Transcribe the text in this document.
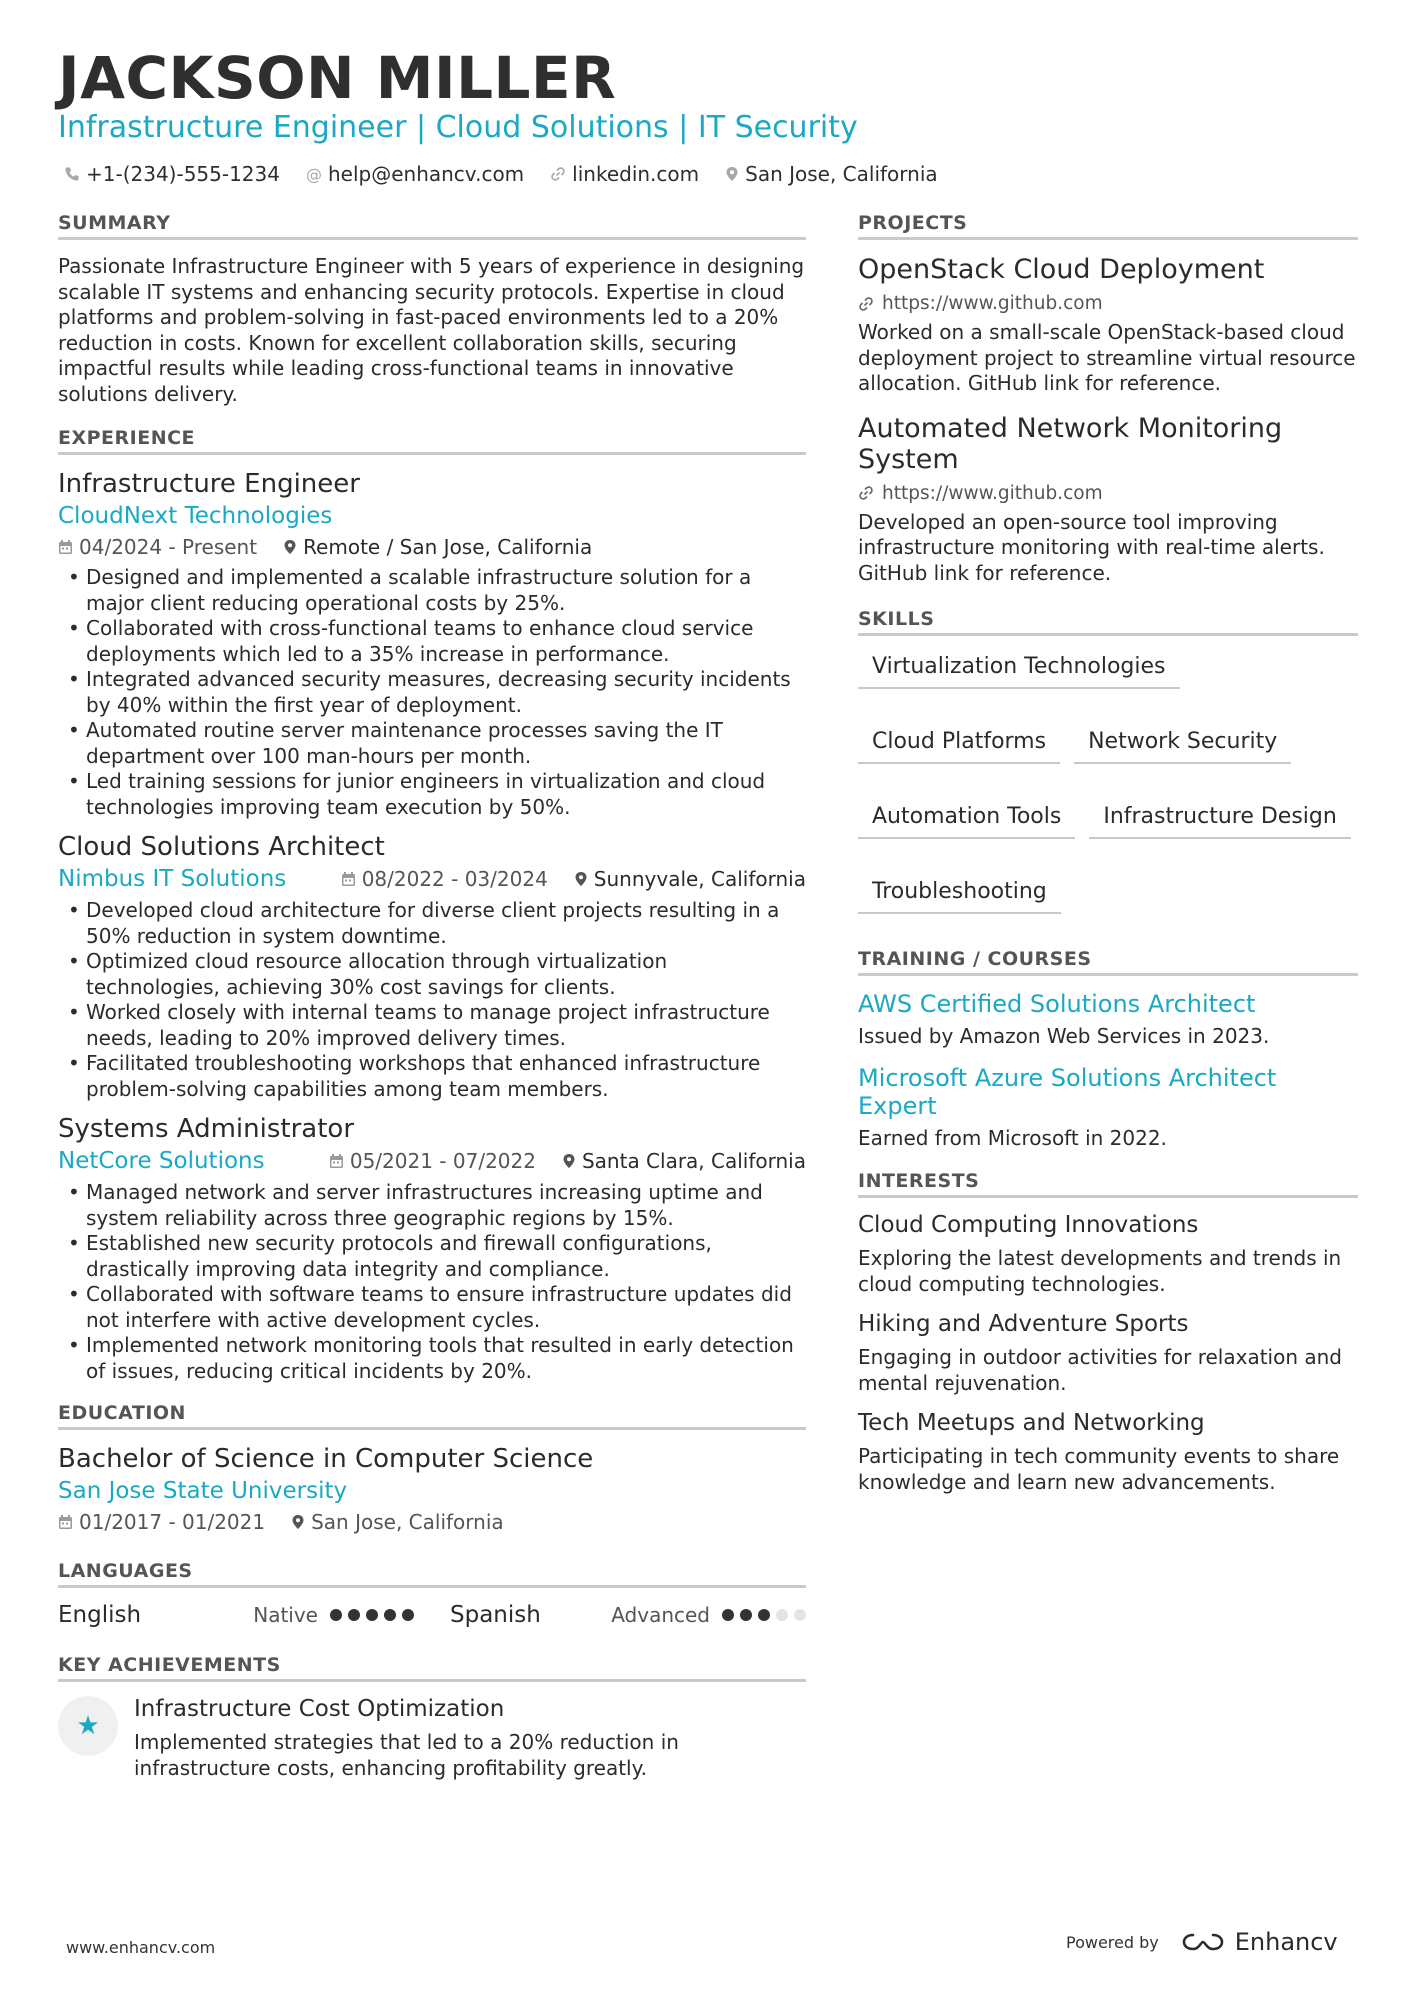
JACKSON MILLER
Infrastructure Engineer | Cloud Solutions | IT Security
+1-(234)-555-1234 @ help@enhancv.com linkedin.com San Jose, California
SUMMARY

Passionate Infrastructure Engineer with 5 years of experience in designing scalable IT systems and enhancing security protocols. Expertise in cloud platforms and problem-solving in fast-paced environments led to a 20% reduction in costs. Known for excellent collaboration skills, securing impactful results while leading cross-functional teams in innovative solutions delivery.

EXPERIENCE
Infrastructure Engineer
CloudNext Technologies
04/2024 - Present Remote / San Jose, California
• Designed and implemented a scalable infrastructure solution for a major client reducing operational costs by 25%.
• Collaborated with cross-functional teams to enhance cloud service deployments which led to a 35% increase in performance.
• Integrated advanced security measures, decreasing security incidents by 40% within the first year of deployment.
• Automated routine server maintenance processes saving the IT department over 100 man-hours per month.
• Led training sessions for junior engineers in virtualization and cloud technologies improving team execution by 50%.
Cloud Solutions Architect
Nimbus IT Solutions	08/2022 - 03/2024 Sunnyvale, California
• Developed cloud architecture for diverse client projects resulting in a 50% reduction in system downtime.
• Optimized cloud resource allocation through virtualization technologies, achieving 30% cost savings for clients.
• Worked closely with internal teams to manage project infrastructure needs, leading to 20% improved delivery times.
• Facilitated troubleshooting workshops that enhanced infrastructure problem-solving capabilities among team members.
Systems Administrator
NetCore Solutions	05/2021 - 07/2022 Santa Clara, California
• Managed network and server infrastructures increasing uptime and system reliability across three geographic regions by 15%.
• Established new security protocols and firewall configurations, drastically improving data integrity and compliance.
• Collaborated with software teams to ensure infrastructure updates did not interfere with active development cycles.
• Implemented network monitoring tools that resulted in early detection of issues, reducing critical incidents by 20%.
EDUCATION
Bachelor of Science in Computer Science
San Jose State University
01/2017 - 01/2021 San Jose, California
LANGUAGES
English	Native	Spanish	Advanced
KEY ACHIEVEMENTS
★
Infrastructure Cost Optimization

Implemented strategies that led to a 20% reduction in infrastructure costs, enhancing profitability greatly.

PROJECTS
OpenStack Cloud Deployment
https://www.github.com

Worked on a small-scale OpenStack-based cloud deployment project to streamline virtual resource allocation. GitHub link for reference.

Automated Network Monitoring System
https://www.github.com

Developed an open-source tool improving infrastructure monitoring with real-time alerts. GitHub link for reference.

SKILLS
Virtualization Technologies
Cloud Platforms	Network Security
Automation Tools	Infrastructure Design
Troubleshooting
TRAINING / COURSES
AWS Certified Solutions Architect

Issued by Amazon Web Services in 2023.

Microsoft Azure Solutions Architect Expert

Earned from Microsoft in 2022.

INTERESTS
Cloud Computing Innovations

Exploring the latest developments and trends in cloud computing technologies.

Hiking and Adventure Sports

Engaging in outdoor activities for relaxation and mental rejuvenation.

Tech Meetups and Networking

Participating in tech community events to share knowledge and learn new advancements.

www.enhancv.com	Powered by	Enhancv
